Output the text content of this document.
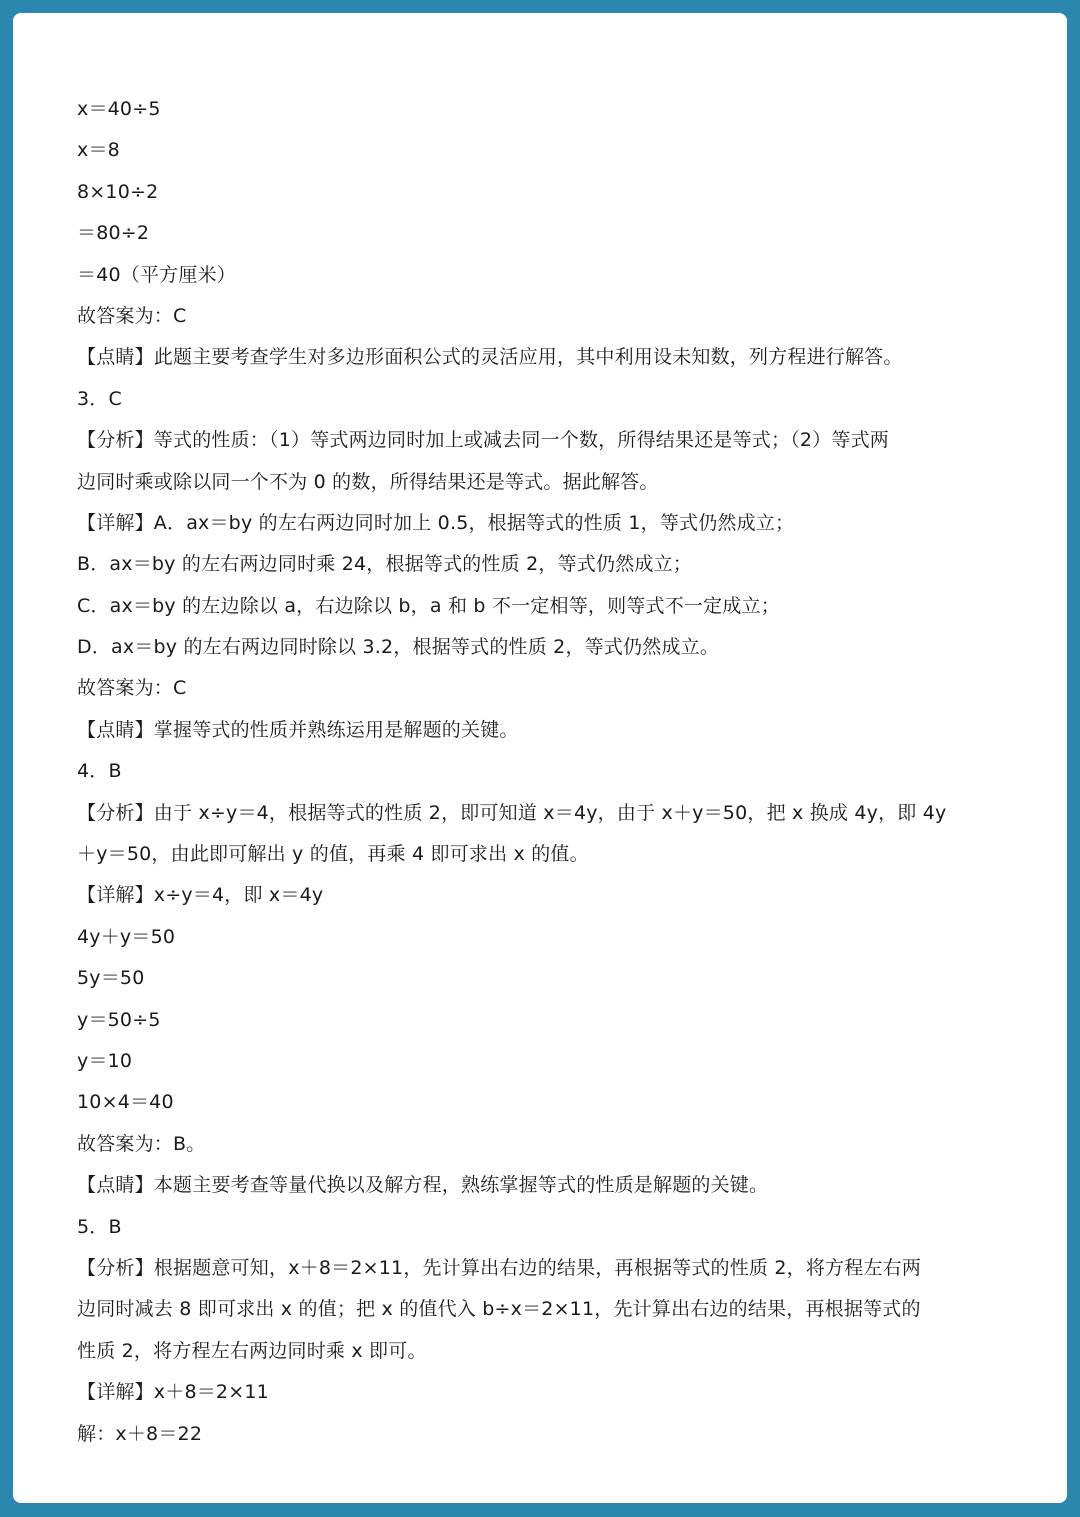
x＝40÷5
x＝8
8×10÷2
＝80÷2
＝40（平方厘米）
故答案为：C
【点睛】此题主要考查学生对多边形面积公式的灵活应用，其中利用设未知数，列方程进行解答。
3．C
【分析】等式的性质：（1）等式两边同时加上或减去同一个数，所得结果还是等式；（2）等式两
边同时乘或除以同一个不为 0 的数，所得结果还是等式。据此解答。
【详解】A．ax＝by 的左右两边同时加上 0.5，根据等式的性质 1，等式仍然成立；
B．ax＝by 的左右两边同时乘 24，根据等式的性质 2，等式仍然成立；
C．ax＝by 的左边除以 a，右边除以 b，a 和 b 不一定相等，则等式不一定成立；
D．ax＝by 的左右两边同时除以 3.2，根据等式的性质 2，等式仍然成立。
故答案为：C
【点睛】掌握等式的性质并熟练运用是解题的关键。
4．B
【分析】由于 x÷y＝4，根据等式的性质 2，即可知道 x＝4y，由于 x＋y＝50，把 x 换成 4y，即 4y
＋y＝50，由此即可解出 y 的值，再乘 4 即可求出 x 的值。
【详解】x÷y＝4，即 x＝4y
4y＋y＝50
5y＝50
y＝50÷5
y＝10
10×4＝40
故答案为：B。
【点睛】本题主要考查等量代换以及解方程，熟练掌握等式的性质是解题的关键。
5．B
【分析】根据题意可知，x＋8＝2×11，先计算出右边的结果，再根据等式的性质 2，将方程左右两
边同时减去 8 即可求出 x 的值；把 x 的值代入 b÷x＝2×11，先计算出右边的结果，再根据等式的
性质 2，将方程左右两边同时乘 x 即可。
【详解】x＋8＝2×11
解：x＋8＝22
